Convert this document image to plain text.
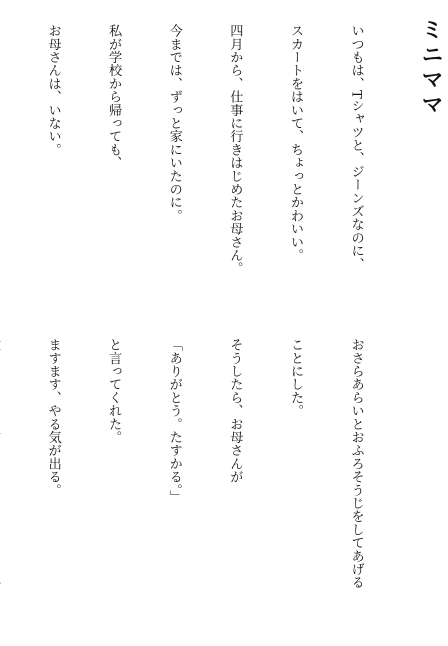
ミニママ

いつもは、Tシャツと、ジーンズなのに、

スカートをはいて、ちょっとかわいい。

四月から、仕事に行きはじめたお母さん。

今までは、ずっと家にいたのに。

私が学校から帰っても、

お母さんは、いない。

おさらあらいとおふろそうじをしてあげる

ことにした。

そうしたら、お母さんが

「ありがとう。たすかる。」

と言ってくれた。

ますます、やる気が出る。
